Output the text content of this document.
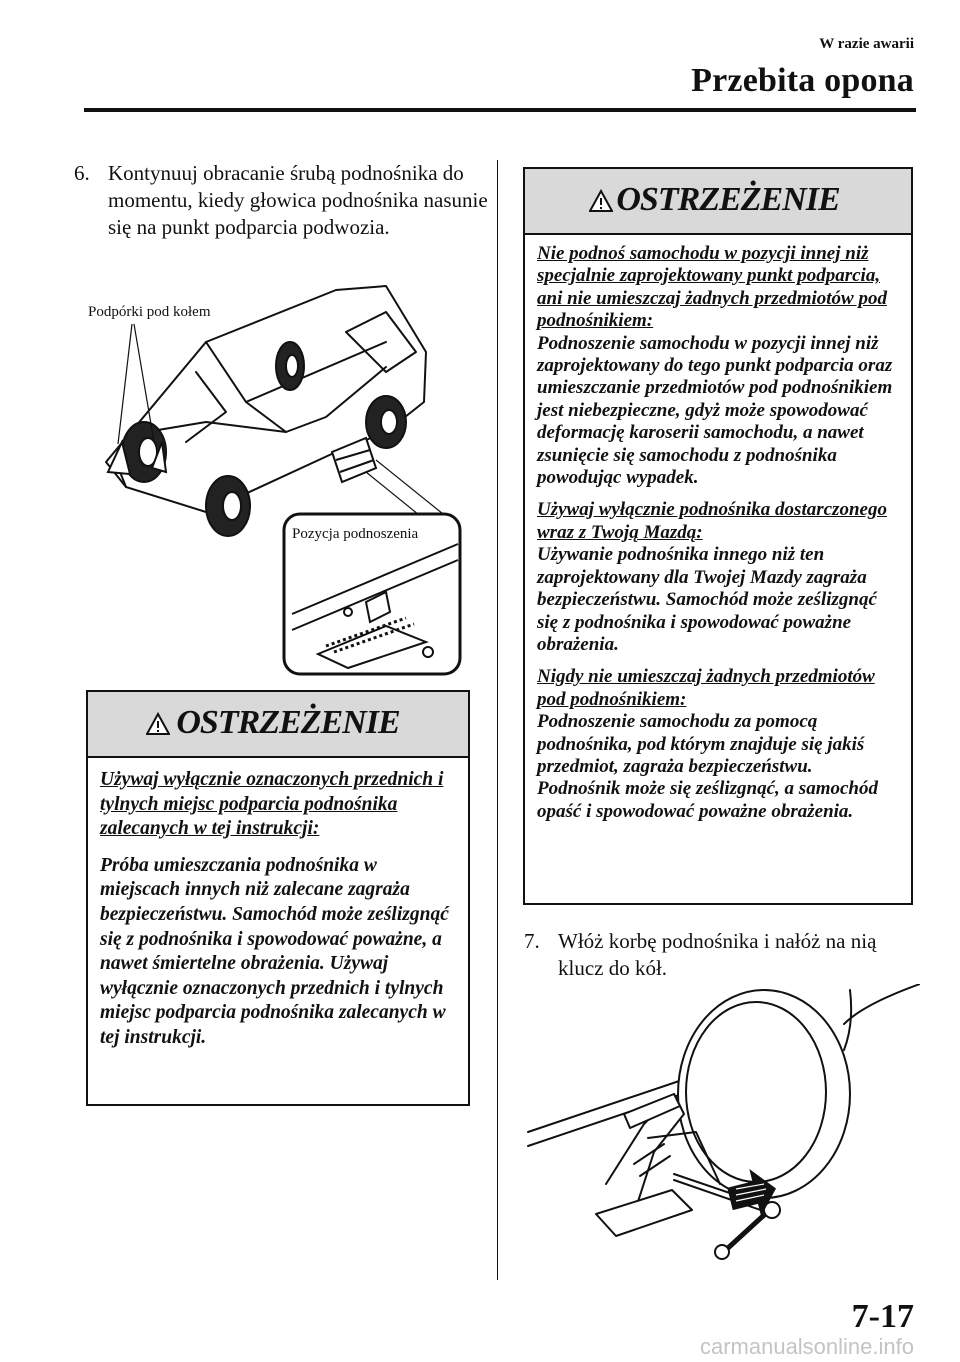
W razie awarii
Przebita opona
6. Kontynuuj obracanie śrubą podnośnika do momentu, kiedy głowica podnośnika nasunie się na punkt podparcia podwozia.
Podpórki pod kołem
Pozycja podnoszenia
OSTRZEŻENIE

Używaj wyłącznie oznaczonych przednich i tylnych miejsc podparcia podnośnika zalecanych w tej instrukcji:

Próba umieszczania podnośnika w miejscach innych niż zalecane zagraża bezpieczeństwu. Samochód może ześlizgnąć się z podnośnika i spowodować poważne, a nawet śmiertelne obrażenia. Używaj wyłącznie oznaczonych przednich i tylnych miejsc podparcia podnośnika zalecanych w tej instrukcji.

OSTRZEŻENIE

Nie podnoś samochodu w pozycji innej niż specjalnie zaprojektowany punkt podparcia, ani nie umieszczaj żadnych przedmiotów pod podnośnikiem:

Podnoszenie samochodu w pozycji innej niż zaprojektowany do tego punkt podparcia oraz umieszczanie przedmiotów pod podnośnikiem jest niebezpieczne, gdyż może spowodować deformację karoserii samochodu, a nawet zsunięcie się samochodu z podnośnika powodując wypadek.

Używaj wyłącznie podnośnika dostarczonego wraz z Twoją Mazdą:

Używanie podnośnika innego niż ten zaprojektowany dla Twojej Mazdy zagraża bezpieczeństwu. Samochód może ześlizgnąć się z podnośnika i spowodować poważne obrażenia.

Nigdy nie umieszczaj żadnych przedmiotów pod podnośnikiem:

Podnoszenie samochodu za pomocą podnośnika, pod którym znajduje się jakiś przedmiot, zagraża bezpieczeństwu. Podnośnik może się ześlizgnąć, a samochód opaść i spowodować poważne obrażenia.

7. Włóż korbę podnośnika i nałóż na nią klucz do kół.
7-17
carmanualsonline.info
